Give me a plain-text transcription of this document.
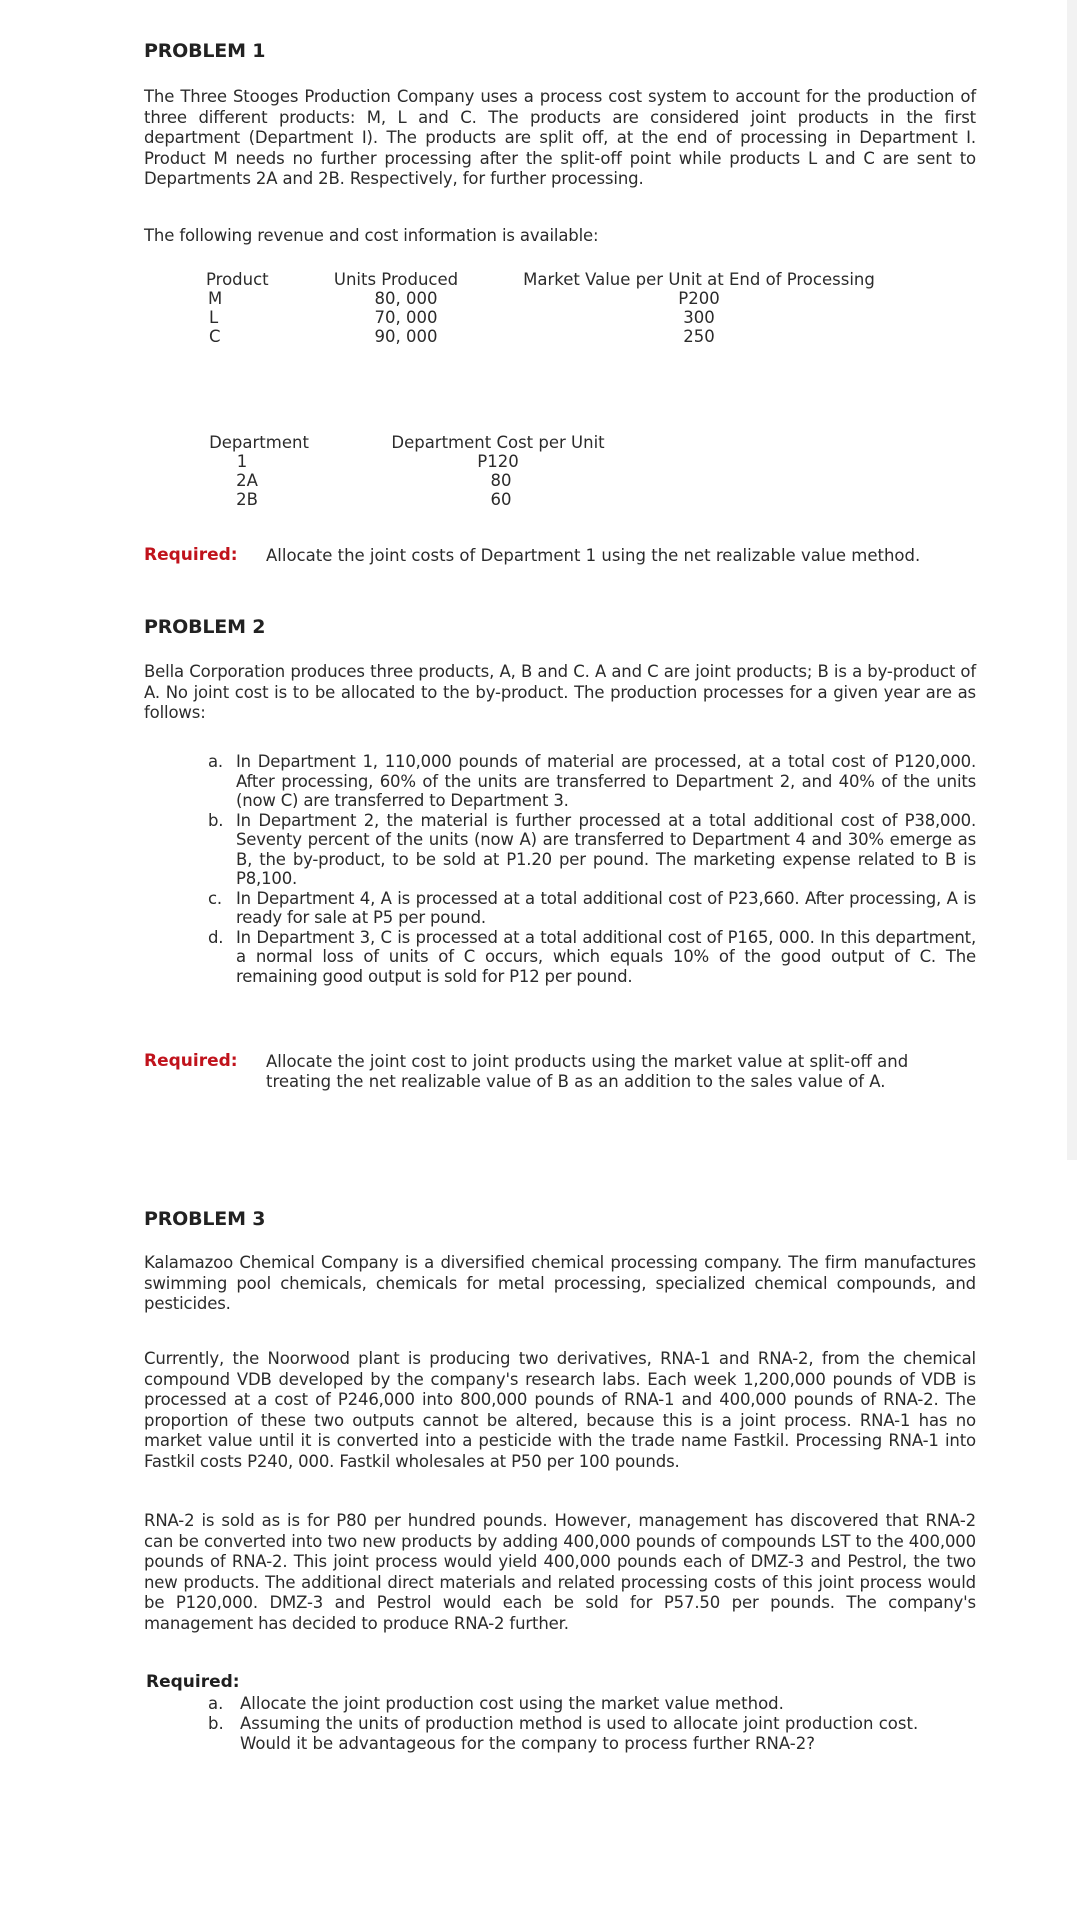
PROBLEM 1

The Three Stooges Production Company uses a process cost system to account for the production of three different products: M, L and C. The products are considered joint products in the first department (Department I). The products are split off, at the end of processing in Department I. Product M needs no further processing after the split-off point while products L and C are sent to Departments 2A and 2B. Respectively, for further processing.

The following revenue and cost information is available:

Product
M
L
C
Units Produced
80, 000
70, 000
90, 000
Market Value per Unit at End of Processing
P200
300
250
Department
1
2A
2B
Department Cost per Unit
P120
80
60
Required: Allocate the joint costs of Department 1 using the net realizable value method.

PROBLEM 2

Bella Corporation produces three products, A, B and C. A and C are joint products; B is a by-product of A. No joint cost is to be allocated to the by-product. The production processes for a given year are as follows:

a. In Department 1, 110,000 pounds of material are processed, at a total cost of P120,000. After processing, 60% of the units are transferred to Department 2, and 40% of the units (now C) are transferred to Department 3.
b. In Department 2, the material is further processed at a total additional cost of P38,000. Seventy percent of the units (now A) are transferred to Department 4 and 30% emerge as B, the by-product, to be sold at P1.20 per pound. The marketing expense related to B is P8,100.
c. In Department 4, A is processed at a total additional cost of P23,660. After processing, A is ready for sale at P5 per pound.
d. In Department 3, C is processed at a total additional cost of P165, 000. In this department, a normal loss of units of C occurs, which equals 10% of the good output of C. The remaining good output is sold for P12 per pound.
Required: Allocate the joint cost to joint products using the market value at split-off and treating the net realizable value of B as an addition to the sales value of A.

PROBLEM 3

Kalamazoo Chemical Company is a diversified chemical processing company. The firm manufactures swimming pool chemicals, chemicals for metal processing, specialized chemical compounds, and pesticides.

Currently, the Noorwood plant is producing two derivatives, RNA-1 and RNA-2, from the chemical compound VDB developed by the company's research labs. Each week 1,200,000 pounds of VDB is processed at a cost of P246,000 into 800,000 pounds of RNA-1 and 400,000 pounds of RNA-2. The proportion of these two outputs cannot be altered, because this is a joint process. RNA-1 has no market value until it is converted into a pesticide with the trade name Fastkil. Processing RNA-1 into Fastkil costs P240, 000. Fastkil wholesales at P50 per 100 pounds.

RNA-2 is sold as is for P80 per hundred pounds. However, management has discovered that RNA-2 can be converted into two new products by adding 400,000 pounds of compounds LST to the 400,000 pounds of RNA-2. This joint process would yield 400,000 pounds each of DMZ-3 and Pestrol, the two new products. The additional direct materials and related processing costs of this joint process would be P120,000. DMZ-3 and Pestrol would each be sold for P57.50 per pounds. The company's management has decided to produce RNA-2 further.

Required:
a. Allocate the joint production cost using the market value method.
b. Assuming the units of production method is used to allocate joint production cost. Would it be advantageous for the company to process further RNA-2?
